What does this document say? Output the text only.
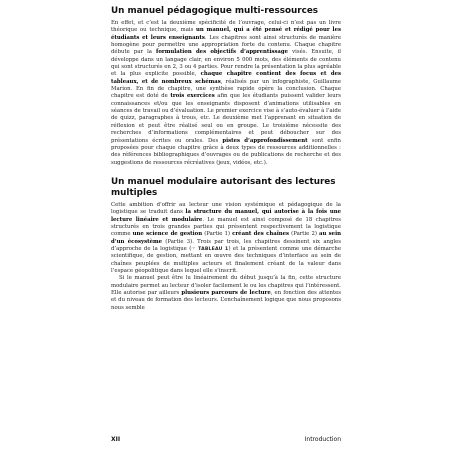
Un manuel pédagogique multi-ressources

En effet, et c’est la deuxième spécificité de l’ouvrage, celui-ci n’est pas un livre théorique ou technique, mais un manuel, qui a été pensé et rédigé pour les étudiants et leurs enseignants. Les chapitres sont ainsi structurés de manière homogène pour permettre une appropriation forte du contenu. Chaque chapitre débute par la formulation des objectifs d’apprentissage visés. Ensuite, il développe dans un langage clair, en environ 5 000 mots, des éléments de contenu qui sont structurés en 2, 3 ou 4 parties. Pour rendre la présentation la plus agréable et la plus explicite possible, chaque chapitre contient des focus et des tableaux, et de nombreux schémas, réalisés par un infographiste, Guillaume Marion. En fin de chapitre, une synthèse rapide opère la conclusion. Chaque chapitre est doté de trois exercices afin que les étudiants puissent valider leurs connaissances et/ou que les enseignants disposent d’animations utilisables en séances de travail ou d’évaluation. Le premier exercice vise à s’auto-évaluer à l’aide de quizz, paragraphes à trous, etc. Le deuxième met l’apprenant en situation de réflexion et peut être réalisé seul ou en groupe. Le troisième nécessite des recherches d’informations complémentaires et peut déboucher sur des présentations écrites ou orales. Des pistes d’approfondissement sont enfin proposées pour chaque chapitre grâce à deux types de ressources additionnelles : des références bibliographiques d’ouvrages ou de publications de recherche et des suggestions de ressources récréatives (jeux, vidéos, etc.).

Un manuel modulaire autorisant des lectures multiples

Cette ambition d’offrir au lecteur une vision systémique et pédagogique de la logistique se traduit dans la structure du manuel, qui autorise à la fois une lecture linéaire et modulaire. Le manuel est ainsi composé de 18 chapitres structurés en trois grandes parties qui présentent respectivement la logistique comme une science de gestion (Partie 1) créant des chaînes (Partie 2) au sein d’un écosystème (Partie 3). Trois par trois, les chapitres dessinent six angles d’approche de la logistique (☞ TABLEAU 1) et la présentent comme une démarche scientifique, de gestion, mettant en œuvre des techniques d’interface au sein de chaînes peuplées de multiples acteurs et finalement créant de la valeur dans l’espace géopolitique dans lequel elle s’inscrit.

Si le manuel peut être lu linéairement du début jusqu’à la fin, cette structure modulaire permet au lecteur d’isoler facilement le ou les chapitres qui l’intéressent. Elle autorise par ailleurs plusieurs parcours de lecture, en fonction des attentes et du niveau de formation des lecteurs. L’enchaînement logique que nous proposons nous semble

XII	Introduction
